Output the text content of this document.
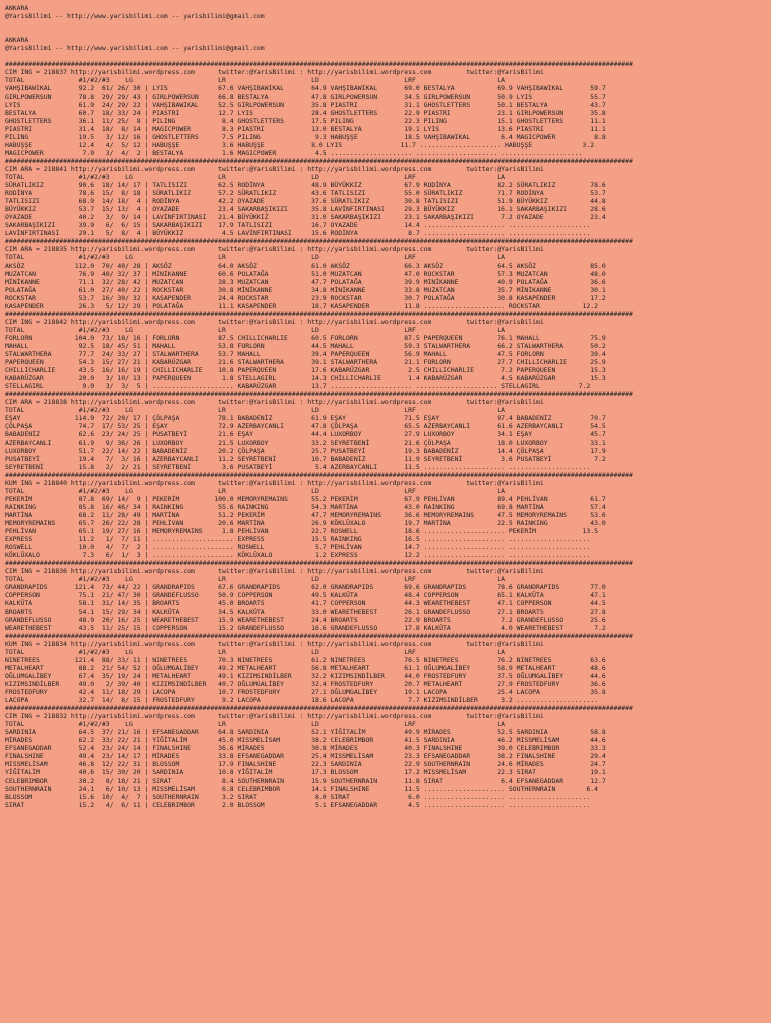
ANKARA
@YarisBilimi -- http://www.yarisbilimi.com -- yarisbilimi@gmail.com
ANKARA
@YarisBilimi -- http://www.yarisbilimi.com -- yarisbilimi@gmail.com
##################################################################################################################################################################
CIM ING = 218837 http://yarisbilimi.wordpress.com      twitter:@YarisBilimi : http://yarisbilimi.wordpress.com         twitter:@YarisBilimi
TOTAL              #1/#2/#3    LG                      LR                      LD                      LRF                     LA
VAHŞIBAWIKAL       92.2  61/ 26/ 30 | LYIS             67.6 VAHŞIBAWIKAL       64.9 VAHŞIBAWIKAL       69.0 BESTALYA           69.9 VAHŞIBAWIKAL       59.7
GIRLPOWERSUN       78.8  29/ 29/ 43 | GIRLPOWERSUN     66.8 BESTALYA           47.8 GIRLPOWERSUN       34.5 GIRLPOWERSUN       50.9 LYIS               55.7
LYIS               61.9  24/ 29/ 22 | VAHŞIBAWIKAL     52.5 GIRLPOWERSUN       35.8 PIASTRI            31.1 GHOSTLETTERS       50.1 BESTALYA           43.7
BESTALYA           60.7  18/ 33/ 24 | PIASTRI          12.7 LYIS               28.4 GHOSTLETTERS       22.9 PIASTRI            23.1 GIRLPOWERSUN       35.8
GHOSTLETTERS       36.1  11/ 25/  8 | PILING            8.4 GHOSTLETTERS       17.5 PILING             22.3 PILING             15.1 GHOSTLETTERS       11.1
PIASTRI            31.4  18/  8/ 14 | MAGICPOWER        8.3 PIASTRI            13.0 BESTALYA           19.1 LYIS               13.6 PIASTRI            11.1
PILING             19.5   3/ 12/ 16 | GHOSTLETTERS      7.5 PILING              9.3 HABUŞŞE            18.5 VAHŞIBAWIKAL        6.4 MAGICPOWER          8.8
HABUŞŞE            12.4   4/  5/ 12 | HABUŞŞE           3.6 HABUŞŞE            8.0 LYIS               11.7 ..................... HABUŞŞE             3.2
MAGICPOWER          7.9   3/  4/  2 | BESTALYA          1.6 MAGICPOWER          4.5 ..................... ..................... .....................
##################################################################################################################################################################
CIM ARA = 218841 http://yarisbilimi.wordpress.com      twitter:@YarisBilimi : http://yarisbilimi.wordpress.com         twitter:@YarisBilimi
TOTAL              #1/#2/#3    LG                      LR                      LD                      LRF                     LA
SÜRATLIKIZ         90.6  18/ 14/ 17 | TATLISIZI        62.5 RODİNYA            48.9 BÜYÜKKIZ           67.9 RODİNYA            82.2 SÜRATLIKIZ         78.6
RODİNYA            78.6  15/  8/ 18 | SÜRATLIKIZ       57.2 SÜRATLIKIZ         43.6 TATLISIZI          55.0 SÜRATLIKIZ         71.7 RODİNYA            53.7
TATLISIZI          68.9  14/ 18/  4 | RODİNYA          42.2 OYAZADE            37.6 SÜRATLIKIZ         30.8 TATLISIZI          51.9 BÜYÜKKIZ           44.8
BÜYÜKKIZ           53.7  15/ 13/  4 | OYAZADE          23.4 SAKARBAŞIKIZI      35.8 LAVİNFIRTINASI     29.3 BÜYÜKKIZ           16.1 SAKARBAŞIKIZI      28.6
OYAZADE            40.2   3/  9/ 14 | LAVİNFIRTINASI   21.4 BÜYÜKKIZ           31.0 SAKARBAŞIKIZI      23.1 SAKARBAŞIKIZI       7.2 OYAZADE            23.4
SAKARBAŞIKIZI      39.9   6/  6/ 15 | SAKARBAŞIKIZI    17.9 TATLISIZI          16.7 OYAZADE            14.4 ..................... .....................
LAVİNFIRTINASI     29.1   5/  8/  4 | BÜYÜKKIZ          4.5 LAVİNFIRTINASI     15.6 RODİNYA             8.7 ..................... .....................
##################################################################################################################################################################
CIM ARA = 218835 http://yarisbilimi.wordpress.com      twitter:@YarisBilimi : http://yarisbilimi.wordpress.com         twitter:@YarisBilimi
TOTAL              #1/#2/#3    LG                      LR                      LD                      LRF                     LA
AKSÖZ             112.0  70/ 40/ 28 | AKSÖZ            64.0 AKSÖZ              61.0 AKSÖZ              66.3 AKSÖZ              64.5 AKSÖZ              85.0
MUZATCAN           76.9  40/ 32/ 37 | MİNİKANNE        60.6 POLATAĞA           51.0 MUZATCAN           47.0 ROCKSTAR           57.3 MUZATCAN           48.0
MİNİKANNE          71.1  32/ 28/ 42 | MUZATCAN         38.3 MUZATCAN           47.7 POLATAĞA           39.9 MİNİKANNE          40.9 POLATAĞA           36.6
POLATAĞA           61.0  27/ 40/ 22 | ROCKSTAR         30.8 MİNİKANNE          34.8 MİNİKANNE          33.8 MUZATCAN           35.7 MİNİKANNE          30.1
ROCKSTAR           53.7  16/ 30/ 32 | KASAPENDER       24.4 ROCKSTAR           23.9 ROCKSTAR           30.7 POLATAĞA           30.8 KASAPENDER         17.2
KASAPENDER         26.3   5/ 12/ 29 | POLATAĞA         11.1 KASAPENDER         18.7 KASAPENDER         11.8 ..................... ROCKSTAR           12.2
##################################################################################################################################################################
CIM ING = 218842 http://yarisbilimi.wordpress.com      twitter:@YarisBilimi : http://yarisbilimi.wordpress.com         twitter:@YarisBilimi
TOTAL              #1/#2/#3    LG                      LR                      LD                      LRF                     LA
FORLORN           104.0  73/ 18/ 16 | FORLORN          87.5 CHILLICHARLIE      60.5 FORLORN            87.5 PAPERQUEEN         76.1 MAHALL             75.9
MAHALL             92.5  18/ 45/ 51 | MAHALL           53.8 FORLORN            44.5 MAHALL             59.3 STALWARTHERA       66.2 STALWARTHERA       50.2
STALWARTHERA       77.7  24/ 33/ 27 | STALWARTHERA     53.7 MAHALL             39.4 PAPERQUEEN         56.9 MAHALL             47.5 FORLORN            39.4
PAPERQUEEN         54.3  15/ 27/ 21 | KABARÜZGAR       21.6 STALWARTHERA       39.1 STALWARTHERA       21.1 FORLORN            27.7 CHILLICHARLIE      25.9
CHILLICHARLIE      43.5  16/ 16/ 19 | CHILLICHARLIE    10.8 PAPERQUEEN         17.6 KABARÜZGAR          2.5 CHILLICHARLIE       7.2 PAPERQUEEN         15.3
KABARÜZGAR         20.0   3/ 10/ 13 | PAPERQUEEN        1.8 STELLAGIRL         14.3 CHILLICHARLIE       1.4 KABARÜZGAR          4.5 KABARÜZGAR         15.3
STELLAGIRL          9.0   3/  3/  5 | ..................... KABARÜZGAR         13.7 ..................... ..................... STELLAGIRL          7.2
##################################################################################################################################################################
CIM ARA = 218838 http://yarisbilimi.wordpress.com      twitter:@YarisBilimi : http://yarisbilimi.wordpress.com         twitter:@YarisBilimi
TOTAL              #1/#2/#3    LG                      LR                      LD                      LRF                     LA
EŞAY              114.9  72/ 20/ 17 | ÇÖLPAŞA          78.1 BABADENİZ          61.9 EŞAY               71.5 EŞAY               97.4 BABADENİZ          70.7
ÇÖLPAŞA            74.7  17/ 53/ 25 | EŞAY             72.9 AZERBAYCANLI       47.8 ÇÖLPAŞA            65.5 AZERBAYCANLI       61.6 AZERBAYCANLI       54.5
BABADENİZ          62.6  23/ 24/ 25 | PUSATBEYİ        21.6 EŞAY               44.4 LUXORBOY           27.9 LUXORBOY           34.1 EŞAY               45.7
AZERBAYCANLI       61.9   9/ 36/ 26 | LUXORBOY         21.5 LUXORBOY           33.2 SEYRETBENİ         21.6 ÇÖLPAŞA            18.0 LUXORBOY           33.1
LUXORBOY           51.7  22/ 14/ 22 | BABADENİZ        20.2 ÇÖLPAŞA            25.7 PUSATBEYİ          19.3 BABADENİZ          14.4 ÇÖLPAŞA            17.9
PUSATBEYİ          19.4   7/  3/ 16 | AZERBAYCANLI     11.2 SEYRETBENİ         10.7 BABADENİZ          11.9 SEYRETBENİ          3.6 PUSATBEYİ           7.2
SEYRETBENİ         15.8   2/  2/ 21 | SEYRETBENİ        3.6 PUSATBEYİ           5.4 AZERBAYCANLI       11.5 ..................... .....................
##################################################################################################################################################################
KUM ING = 218840 http://yarisbilimi.wordpress.com      twitter:@YarisBilimi : http://yarisbilimi.wordpress.com         twitter:@YarisBilimi
TOTAL              #1/#2/#3    LG                      LR                      LD                      LRF                     LA
PEKERİM            87.8  69/ 14/  9 | PEKERİM         100.0 MEMORYREMAINS      55.2 PEKERİM            67.9 PEHLİVAN           89.4 PEHLİVAN           61.7
RAINKING           85.8  16/ 46/ 34 | RAINKING         55.6 RAINKING           54.3 MARTİNA            43.0 RAINKING           69.8 MARTİNA            57.4
MARTİNA            68.2  11/ 28/ 49 | MARTİNA          51.2 PEKERİM            47.7 MEMORYREMAINS      36.6 MEMORYREMAINS      47.5 MEMORYREMAINS      53.6
MEMORYREMAINS      65.7  26/ 22/ 28 | PEHLİVAN         20.6 MARTİNA            26.9 KÖKLÜXALO          19.7 MARTİNA            22.5 RAINKING           43.0
PEHLİVAN           65.1  19/ 27/ 16 | MEMORYREMAINS     1.8 PEHLİVAN           22.7 ROSWELL            18.6 ..................... PEKERİM            13.5
EXPRESS            11.2   1/  7/ 11 | ..................... EXPRESS            15.5 RAINKING           16.5 ..................... .....................
ROSWELL            10.0   4/  7/  2 | ..................... ROSWELL             5.7 PEHLİVAN           14.7 ..................... .....................
KÖKLÜXALO           7.3   6/  1/  3 | ..................... KÖKLÜXALO           1.2 EXPRESS            12.2 ..................... .....................
##################################################################################################################################################################
CIM ING = 218836 http://yarisbilimi.wordpress.com      twitter:@YarisBilimi : http://yarisbilimi.wordpress.com         twitter:@YarisBilimi
TOTAL              #1/#2/#3    LG                      LR                      LD                      LRF                     LA
GRANDRAPIDS       121.4  73/ 44/ 22 | GRANDRAPIDS      67.6 GRANDRAPIDS        62.0 GRANDRAPIDS        69.6 GRANDRAPIDS        78.6 GRANDRAPIDS        77.0
COPPERSON          75.1  21/ 47/ 30 | GRANDEFLUSSO     50.9 COPPERSON          49.5 KALKÜTA            48.4 COPPERSON          65.1 KALKÜTA            47.1
KALKÜTA            58.1  31/ 14/ 35 | BROARTS          45.0 BROARTS            41.7 COPPERSON          44.3 WEARETHEBEST       47.1 COPPERSON          44.5
BROARTS            54.1  15/ 29/ 34 | KALKÜTA          34.5 KALKÜTA            33.0 WEARETHEBEST       26.1 GRANDEFLUSSO       27.1 BROARTS            27.8
GRANDEFLUSSO       48.9  20/ 16/ 25 | WEARETHEBEST     15.9 WEARETHEBEST       24.4 BROARTS            22.9 BROARTS             7.2 GRANDEFLUSSO       25.6
WEARETHEBEST       43.5  11/ 25/ 15 | COPPERSON        15.2 GRANDEFLUSSO       16.6 GRANDEFLUSSO       17.8 KALKÜTA             4.0 WEARETHEBEST        7.2
##################################################################################################################################################################
KUM ING = 218834 http://yarisbilimi.wordpress.com      twitter:@YarisBilimi : http://yarisbilimi.wordpress.com         twitter:@YarisBilimi
TOTAL              #1/#2/#3    LG                      LR                      LD                      LRF                     LA
NINETREES         121.4  88/ 33/ 11 | NINETREES        70.3 NINETREES          61.2 NINETREES          76.5 NINETREES          76.2 NINETREES          63.6
METALHEART         88.2  21/ 54/ 52 | OĞLUMGALİBEY     49.2 METALHEART         56.8 METALHEART         61.1 OĞLUMGALİBEY       58.9 METALHEART         48.6
OĞLUMGALİBEY       67.4  35/ 19/ 24 | METALHEART       49.1 KIZIMSINDİLBER     32.2 KIZIMSINDİLBER     44.0 FROSTEDFURY        37.5 OĞLUMGALİBEY       44.6
KIZIMSINDİLBER     49.0   2/ 39/ 40 | KIZIMSINDİLBER   40.7 OĞLUMGALİBEY       32.4 FROSTEDFURY        20.7 METALHEART         27.9 FROSTEDFURY        36.6
FROSTEDFURY        42.4  11/ 18/ 29 | LACOPA           10.7 FROSTEDFURY        27.1 OĞLUMGALİBEY       19.1 LACOPA             25.4 LACOPA             35.8
LACOPA             32.7  14/  8/ 15 | FROSTEDFURY       9.2 LACOPA             18.6 LACOPA              7.7 KIZIMSINDİLBER      3.2 .....................
##################################################################################################################################################################
CIM ING = 218832 http://yarisbilimi.wordpress.com      twitter:@YarisBilimi : http://yarisbilimi.wordpress.com         twitter:@YarisBilimi
TOTAL              #1/#2/#3    LG                      LR                      LD                      LRF                     LA
SARDINIA           64.5  37/ 21/ 16 | EFSANEGADDAR     64.8 SARDINIA           52.1 YİĞİTALİM          49.9 MİRADES            52.5 SARDINIA           58.8
MİRADES            62.2  33/ 22/ 21 | YİĞİTALİM        45.0 MISSMELİSAM        38.2 CELEBRIMBOR        41.5 SARDINIA           46.2 MISSMELİSAM        44.6
EFSANEGADDAR       52.4  23/ 24/ 14 | FINALSHINE       36.6 MİRADES            30.8 MİRADES            40.3 FINALSHINE         39.0 CELEBRIMBOR        33.3
FINALSHINE         49.4  23/ 14/ 17 | MİRADES          33.8 EFSANEGADDAR       25.4 MISSMELİSAM        23.3 EFSANEGADDAR       38.2 FINALSHINE         29.4
MISSMELİSAM        46.8  12/ 22/ 31 | BLOSSOM          17.9 FINALSHINE         22.3 SARDINIA           22.9 SOUTHERNRAIN       24.6 MİRADES            24.7
YİĞİTALİM          40.6  15/ 30/ 20 | SARDINIA         10.8 YİĞİTALİM          17.3 BLOSSOM            17.2 MISSMELİSAM        22.3 SIRAT              19.1
CELEBRIMBOR        30.2   8/ 18/ 21 | SIRAT             8.4 SOUTHERNRAIN       15.9 SOUTHERNRAIN       11.8 SIRAT               6.4 EFSANEGADDAR       12.7
SOUTHERNRAIN       24.1   6/ 10/ 13 | MISSMELİSAM       6.8 CELEBRIMBOR        14.1 FINALSHINE         11.5 ..................... SOUTHERNRAIN        6.4
BLOSSOM            15.6  10/  4/  7 | SOUTHERNRAIN      3.2 SIRAT               8.0 SIRAT               6.0 ..................... .....................
SIRAT              15.2   4/  6/ 11 | CELEBRIMBOR       2.0 BLOSSOM             5.1 EFSANEGADDAR        4.5 ..................... .....................
